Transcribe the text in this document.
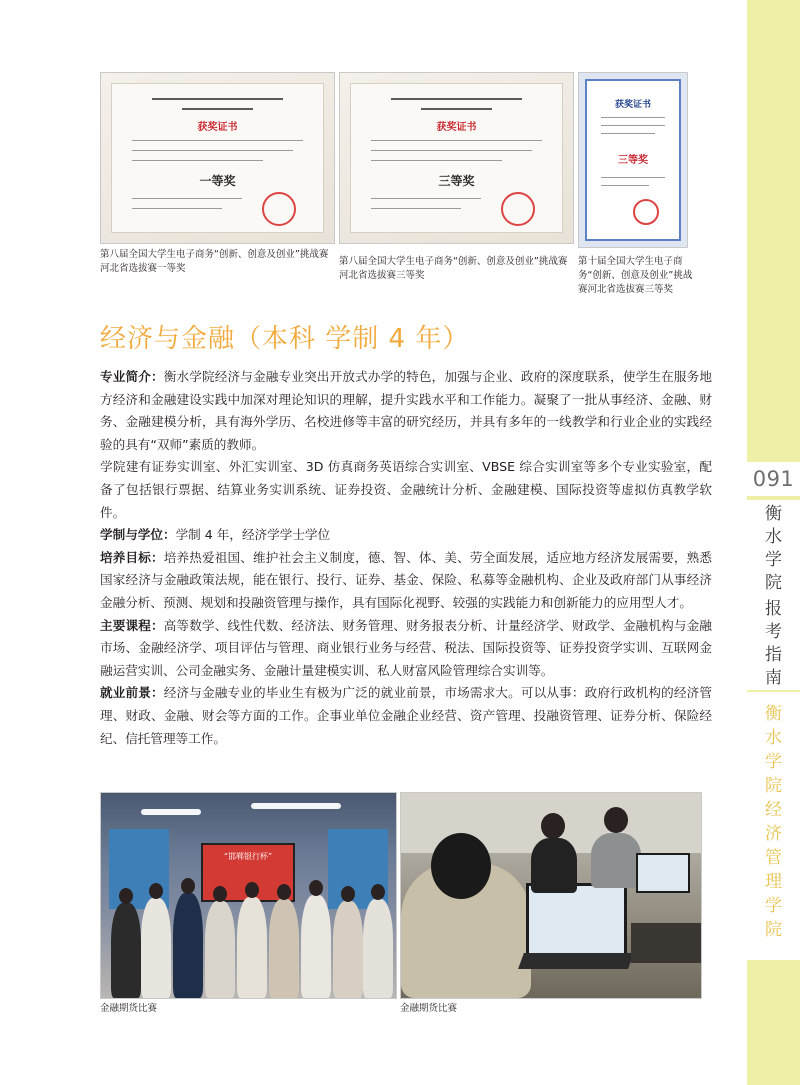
091
衡
水
学
院
报
考
指
南
衡
水
学
院
经
济
管
理
学
院
获奖证书
一等奖
获奖证书
三等奖
获奖证书
三等奖
第八届全国大学生电子商务“创新、创意及创业”挑战赛河北省选拔赛一等奖
第八届全国大学生电子商务“创新、创意及创业”挑战赛河北省选拔赛三等奖
第十届全国大学生电子商务“创新、创意及创业”挑战赛河北省选拔赛三等奖
经济与金融（本科 学制 4 年）

专业简介：衡水学院经济与金融专业突出开放式办学的特色，加强与企业、政府的深度联系，使学生在服务地方经济和金融建设实践中加深对理论知识的理解，提升实践水平和工作能力。凝聚了一批从事经济、金融、财务、金融建模分析，具有海外学历、名校进修等丰富的研究经历，并具有多年的一线教学和行业企业的实践经验的具有“双师”素质的教师。

学院建有证券实训室、外汇实训室、3D 仿真商务英语综合实训室、VBSE 综合实训室等多个专业实验室，配备了包括银行票据、结算业务实训系统、证券投资、金融统计分析、金融建模、国际投资等虚拟仿真教学软件。

学制与学位：学制 4 年，经济学学士学位

培养目标：培养热爱祖国、维护社会主义制度，德、智、体、美、劳全面发展，适应地方经济发展需要，熟悉国家经济与金融政策法规，能在银行、投行、证券、基金、保险、私募等金融机构、企业及政府部门从事经济金融分析、预测、规划和投融资管理与操作，具有国际化视野、较强的实践能力和创新能力的应用型人才。

主要课程：高等数学、线性代数、经济法、财务管理、财务报表分析、计量经济学、财政学、金融机构与金融市场、金融经济学、项目评估与管理、商业银行业务与经营、税法、国际投资等、证券投资学实训、互联网金融运营实训、公司金融实务、金融计量建模实训、私人财富风险管理综合实训等。

就业前景：经济与金融专业的毕业生有极为广泛的就业前景，市场需求大。可以从事：政府行政机构的经济管理、财政、金融、财会等方面的工作。企事业单位金融企业经营、资产管理、投融资管理、证券分析、保险经纪、信托管理等工作。

“邯郸银行杯”
金融期货比赛	金融期货比赛
